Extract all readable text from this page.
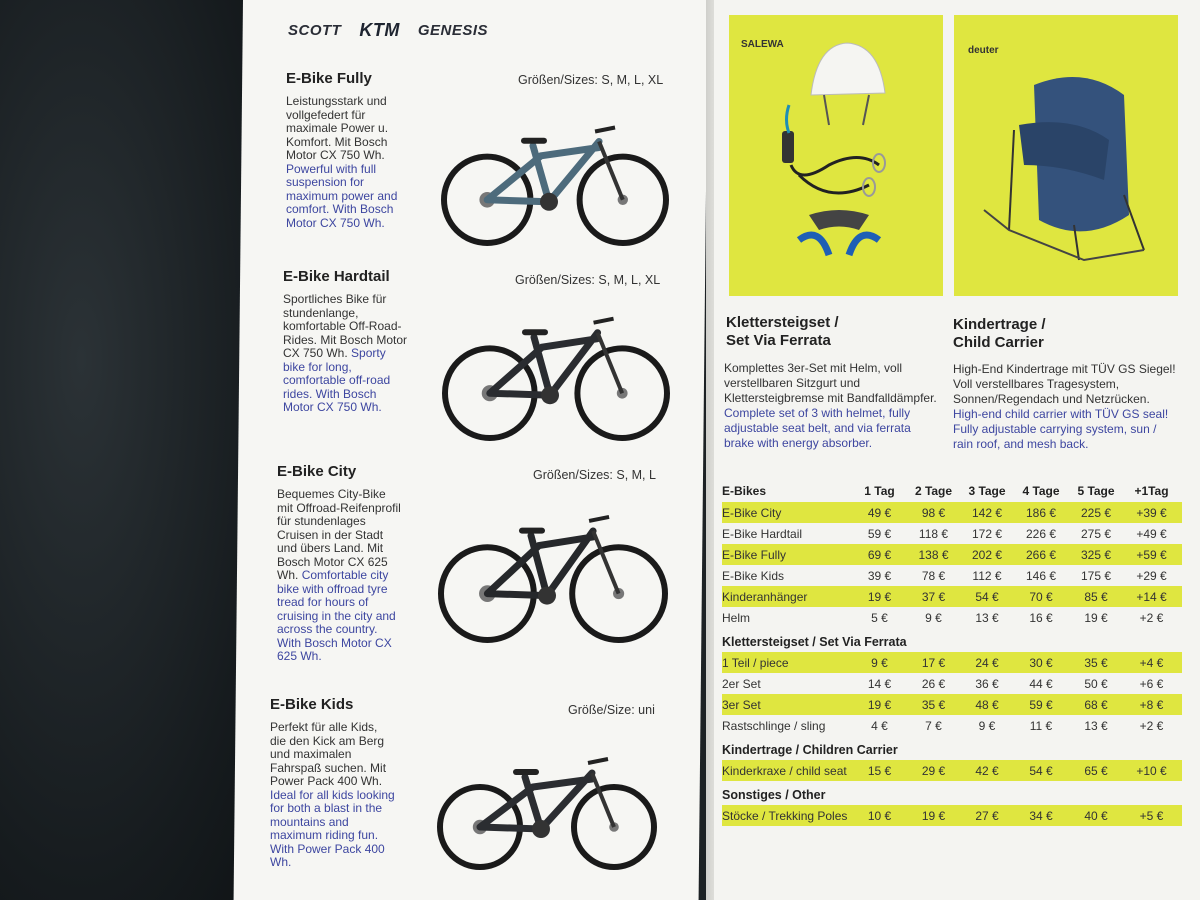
SCOTT KTM GENESIS
E-Bike Fully	Größen/Sizes: S, M, L, XL
Leistungsstark und vollgefedert für maximale Power u. Komfort. Mit Bosch Motor CX 750 Wh. Powerful with full suspension for maximum power and comfort. With Bosch Motor CX 750 Wh.
E-Bike Hardtail	Größen/Sizes: S, M, L, XL
Sportliches Bike für stundenlange, komfortable Off-Road-Rides. Mit Bosch Motor CX 750 Wh. Sporty bike for long, comfortable off-road rides. With Bosch Motor CX 750 Wh.
E-Bike City	Größen/Sizes: S, M, L
Bequemes City-Bike mit Offroad-Reifenprofil für stundenlages Cruisen in der Stadt und übers Land. Mit Bosch Motor CX 625 Wh. Comfortable city bike with offroad tyre tread for hours of cruising in the city and across the country. With Bosch Motor CX 625 Wh.
E-Bike Kids	Größe/Size: uni
Perfekt für alle Kids, die den Kick am Berg und maximalen Fahrspaß suchen. Mit Power Pack 400 Wh. Ideal for all kids looking for both a blast in the mountains and maximum riding fun. With Power Pack 400 Wh.
SALEWA
deuter
Klettersteigset /
Set Via Ferrata
Komplettes 3er-Set mit Helm, voll verstellbaren Sitzgurt und Klettersteigbremse mit Bandfalldämpfer. Complete set of 3 with helmet, fully adjustable seat belt, and via ferrata brake with energy absorber.
Kindertrage /
Child Carrier
High-End Kindertrage mit TÜV GS Siegel! Voll verstellbares Tragesystem, Sonnen/Regendach und Netzrücken. High-end child carrier with TÜV GS seal! Fully adjustable carrying system, sun / rain roof, and mesh back.
E-Bikes	1 Tag	2 Tage	3 Tage	4 Tage	5 Tage	+1Tag
E-Bike City	49 €	98 €	142 €	186 €	225 €	+39 €
E-Bike Hardtail	59 €	118 €	172 €	226 €	275 €	+49 €
E-Bike Fully	69 €	138 €	202 €	266 €	325 €	+59 €
E-Bike Kids	39 €	78 €	112 €	146 €	175 €	+29 €
Kinderanhänger	19 €	37 €	54 €	70 €	85 €	+14 €
Helm	5 €	9 €	13 €	16 €	19 €	+2 €
Klettersteigset / Set Via Ferrata
1 Teil / piece	9 €	17 €	24 €	30 €	35 €	+4 €
2er Set	14 €	26 €	36 €	44 €	50 €	+6 €
3er Set	19 €	35 €	48 €	59 €	68 €	+8 €
Rastschlinge / sling	4 €	7 €	9 €	11 €	13 €	+2 €
Kindertrage / Children Carrier
Kinderkraxe / child seat	15 €	29 €	42 €	54 €	65 €	+10 €
Sonstiges / Other
Stöcke / Trekking Poles	10 €	19 €	27 €	34 €	40 €	+5 €
